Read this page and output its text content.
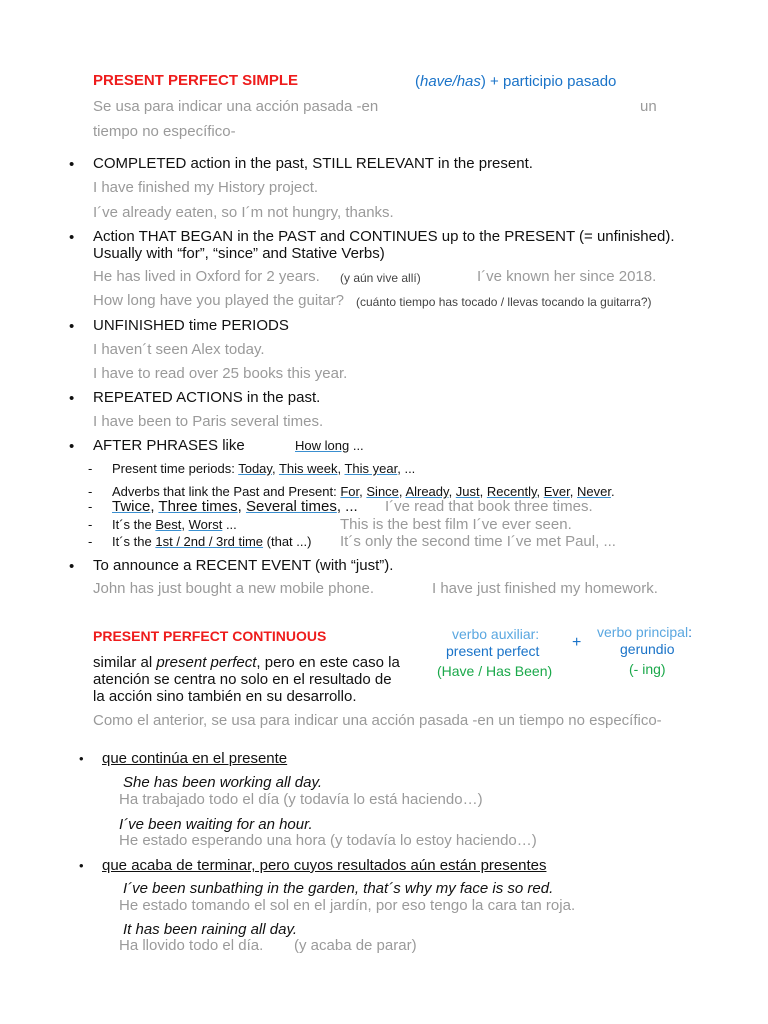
PRESENT PERFECT SIMPLE	(have/has) + participio pasado
Se usa para indicar una acción pasada -en	un
tiempo no específico-
• COMPLETED action in the past, STILL RELEVANT in the present.
I have finished my History project.
I´ve already eaten, so I´m not hungry, thanks.
• Action THAT BEGAN in the PAST and CONTINUES up to the PRESENT (= unfinished).
Usually with “for”, “since” and Stative Verbs)
He has lived in Oxford for 2 years. (y aún vive allí)	I´ve known her since 2018.
How long have you played the guitar? (cuánto tiempo has tocado / llevas tocando la guitarra?)
• UNFINISHED time PERIODS
I haven´t seen Alex today.
I have to read over 25 books this year.
• REPEATED ACTIONS in the past.
I have been to Paris several times.
• AFTER PHRASES like	How long ...
- Present time periods: Today, This week, This year, ...
- Adverbs that link the Past and Present: For, Since, Already, Just, Recently, Ever, Never.
- Twice, Three times, Several times, ... I´ve read that book three times.
- It´s the Best, Worst ...	This is the best film I´ve ever seen.
- It´s the 1st / 2nd / 3rd time (that ...) It´s only the second time I´ve met Paul, ...
• To announce a RECENT EVENT (with “just”).
John has just bought a new mobile phone.	I have just finished my homework.
PRESENT PERFECT CONTINUOUS	verbo auxiliar:
present perfect
(Have / Has Been)
+
verbo principal:
gerundio
(- ing)
similar al present perfect, pero en este caso la
atención se centra no solo en el resultado de
la acción sino también en su desarrollo.
Como el anterior, se usa para indicar una acción pasada -en un tiempo no específico-
• que continúa en el presente
She has been working all day.
Ha trabajado todo el día (y todavía lo está haciendo…)
I´ve been waiting for an hour.
He estado esperando una hora (y todavía lo estoy haciendo…)
• que acaba de terminar, pero cuyos resultados aún están presentes
I´ve been sunbathing in the garden, that´s why my face is so red.
He estado tomando el sol en el jardín, por eso tengo la cara tan roja.
It has been raining all day.
Ha llovido todo el día. (y acaba de parar)
